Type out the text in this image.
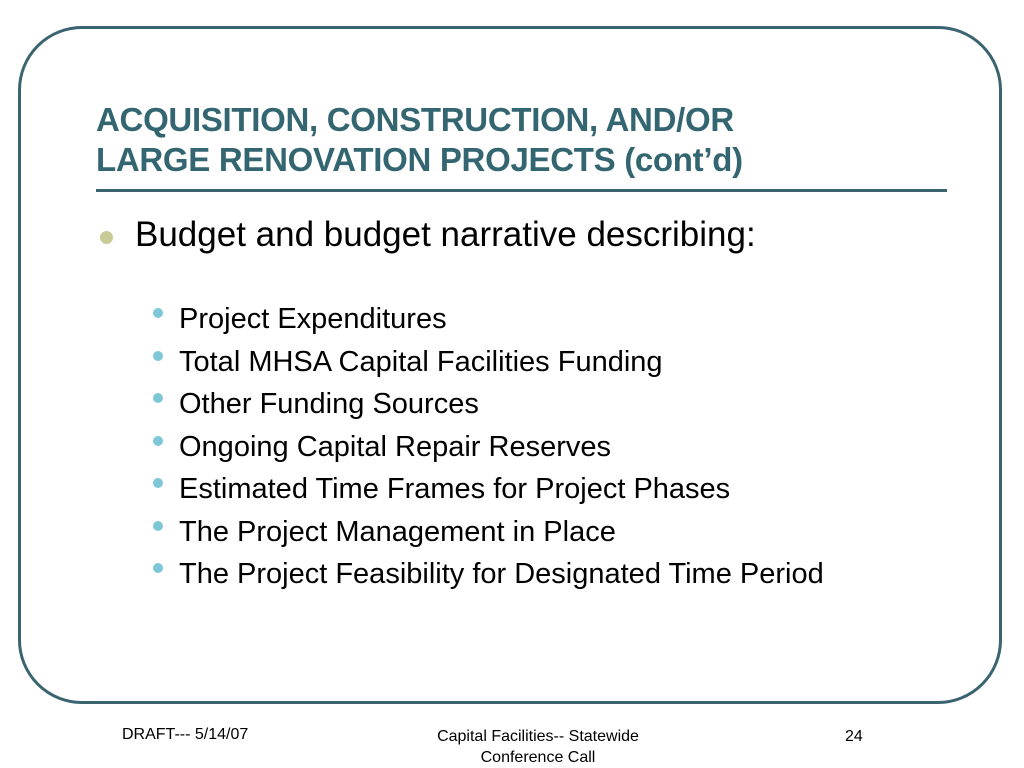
ACQUISITION, CONSTRUCTION, AND/OR
LARGE RENOVATION PROJECTS (cont’d)
Budget and budget narrative describing:
Project Expenditures
Total MHSA Capital Facilities Funding
Other Funding Sources
Ongoing Capital Repair Reserves
Estimated Time Frames for Project Phases
The Project Management in Place
The Project Feasibility for Designated Time Period
DRAFT--- 5/14/07	Capital Facilities-- Statewide
Conference Call
24
